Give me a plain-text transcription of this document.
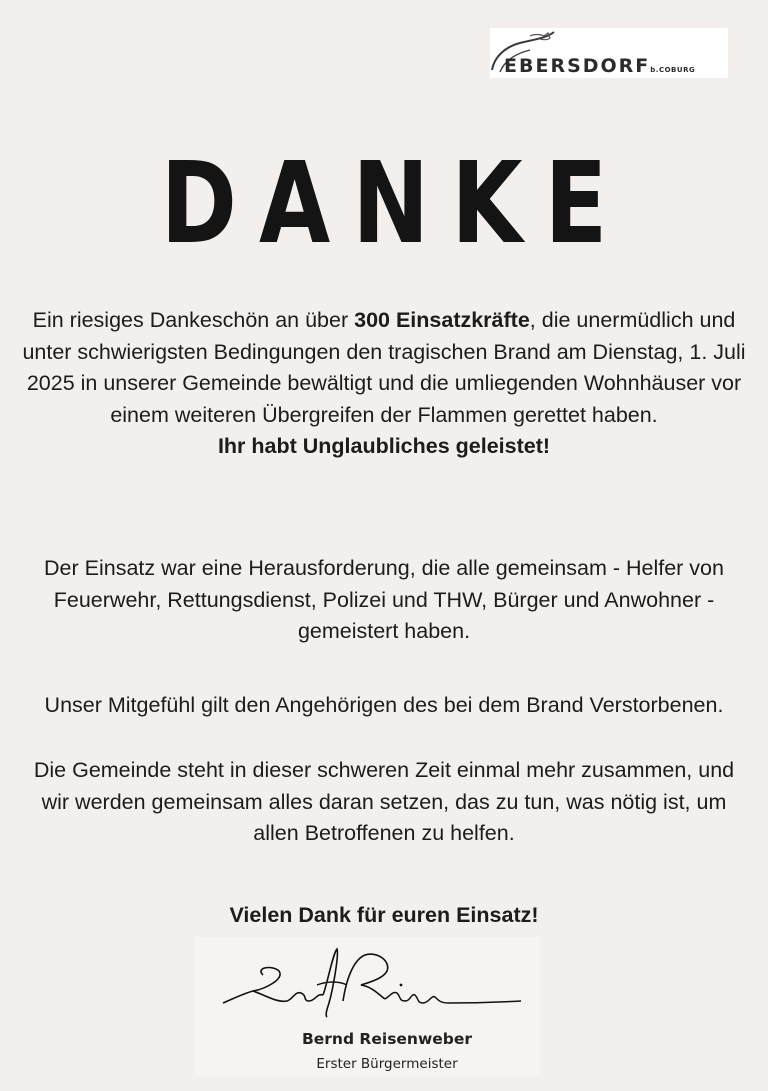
EBERSDORFb.COBURG
DANKE
Ein riesiges Dankeschön an über 300 Einsatzkräfte, die unermüdlich und unter schwierigsten Bedingungen den tragischen Brand am Dienstag, 1. Juli 2025 in unserer Gemeinde bewältigt und die umliegenden Wohnhäuser vor einem weiteren Übergreifen der Flammen gerettet haben.
Ihr habt Unglaubliches geleistet!
Der Einsatz war eine Herausforderung, die alle gemeinsam - Helfer von Feuerwehr, Rettungsdienst, Polizei und THW, Bürger und Anwohner - gemeistert haben.
Unser Mitgefühl gilt den Angehörigen des bei dem Brand Verstorbenen.
Die Gemeinde steht in dieser schweren Zeit einmal mehr zusammen, und wir werden gemeinsam alles daran setzen, das zu tun, was nötig ist, um allen Betroffenen zu helfen.
Vielen Dank für euren Einsatz!
Bernd Reisenweber
Erster Bürgermeister
